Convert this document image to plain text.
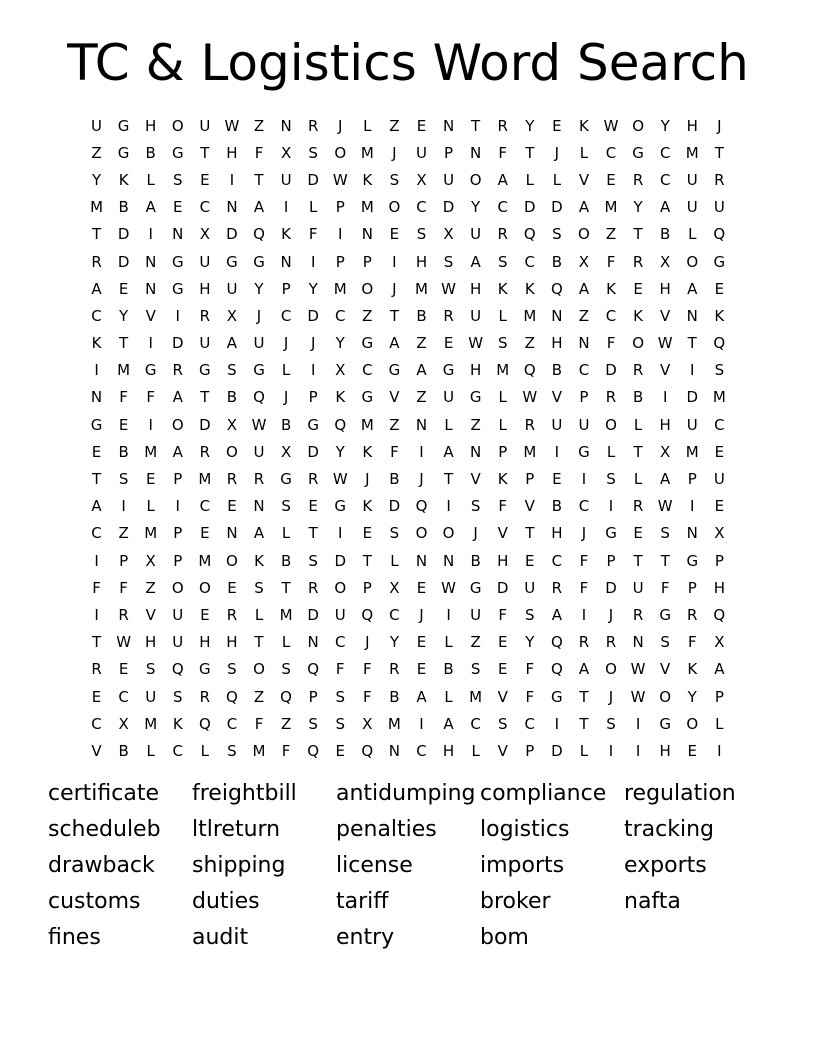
TC & Logistics Word Search
U	G	H	O	U W Z	N	R	J	L	Z	E	N	T	R	Y	E	K W O	Y	H	J
Z	G	B	G	T	H	F	X	S	O M	J	U	P	N	F	T	J	L	C	G	C	M	T
Y	K	L	S	E	I	T	U	D W K	S	X	U	O	A	L	L	V	E	R	C	U	R
M	B	A	E	C	N	A	I	L	P	M O	C	D	Y	C	D	D	A	M	Y	A	U	U
T	D	I	N	X	D	Q	K	F	I	N	E	S	X	U	R	Q	S	O	Z	T	B	L	Q
R	D	N	G	U	G	G	N	I	P	P	I	H	S	A	S	C	B	X	F	R	X	O	G
A	E	N	G	H	U	Y	P	Y	M O	J	M W H	K	K	Q	A	K	E	H	A	E
C	Y	V	I	R	X	J	C	D	C	Z	T	B	R	U	L	M N	Z	C	K	V	N	K
K	T	I	D	U	A	U	J	J	Y	G	A	Z	E W S	Z	H	N	F	O W	T	Q
I	M G	R	G	S	G	L	I	X	C	G	A	G	H M Q	B	C	D	R	V	I	S
N	F	F	A	T	B	Q	J	P	K	G	V	Z	U	G	L	W V	P	R	B	I	D M
G	E	I	O	D	X W B	G	Q M	Z	N	L	Z	L	R	U	U	O	L	H	U	C
E	B	M	A	R	O	U	X	D	Y	K	F	I	A	N	P	M	I	G	L	T	X	M	E
T	S	E	P	M	R	R	G	R W	J	B	J	T	V	K	P	E	I	S	L	A	P	U
A	I	L	I	C	E	N	S	E	G	K	D	Q	I	S	F	V	B	C	I	R W	I	E
C	Z	M	P	E	N	A	L	T	I	E	S	O	O	J	V	T	H	J	G	E	S	N	X
I	P	X	P	M O	K	B	S	D	T	L	N	N	B	H	E	C	F	P	T	T	G	P
F	F	Z	O	O	E	S	T	R	O	P	X	E W G	D	U	R	F	D	U	F	P	H
I	R	V	U	E	R	L	M D	U	Q	C	J	I	U	F	S	A	I	J	R	G	R	Q
T	W H	U	H	H	T	L	N	C	J	Y	E	L	Z	E	Y	Q	R	R	N	S	F	X
R	E	S	Q	G	S	O	S	Q	F	F	R	E	B	S	E	F	Q	A	O W V	K	A
E	C	U	S	R	Q	Z	Q	P	S	F	B	A	L	M	V	F	G	T	J	W O	Y	P
C	X	M	K	Q	C	F	Z	S	S	X	M	I	A	C	S	C	I	T	S	I	G	O	L
V	B	L	C	L	S	M	F	Q	E	Q	N	C	H	L	V	P	D	L	I	I	H	E	I
certificate	freightbill	antidumping compliance regulation
scheduleb	ltlreturn	penalties	logistics	tracking
drawback	shipping	license	imports	exports
customs	duties	tariff	broker	nafta
fines	audit	entry	bom
